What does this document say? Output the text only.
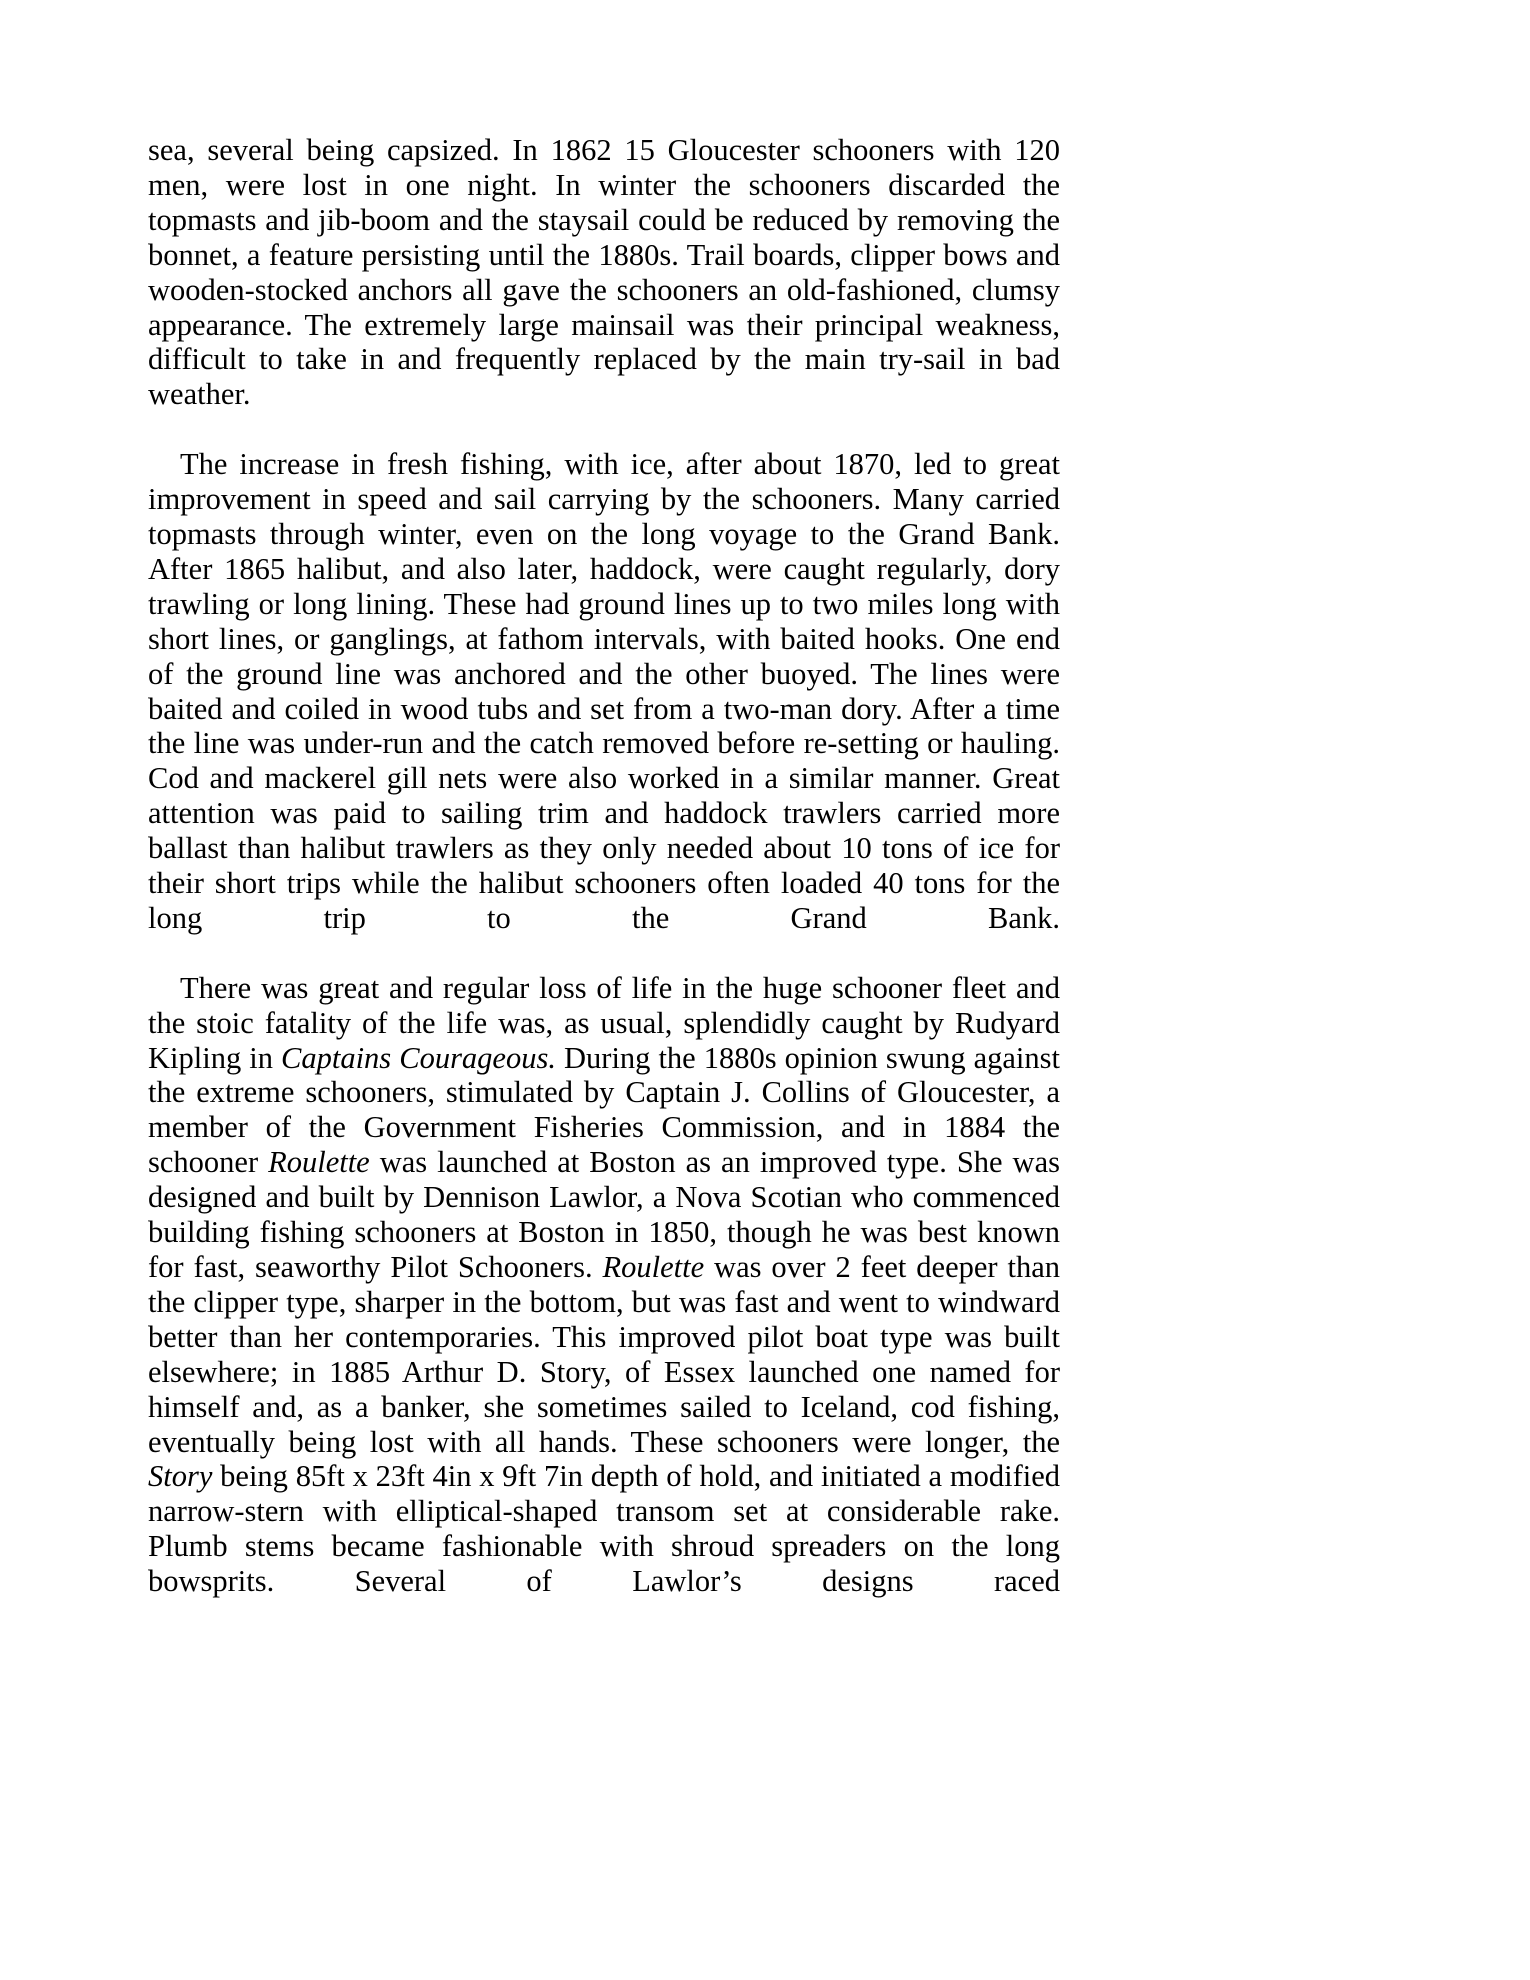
sea, several being capsized. In 1862 15 Gloucester schooners with 120 men, were lost in one night. In winter the schooners discarded the topmasts and jib-boom and the staysail could be reduced by removing the bonnet, a feature persisting until the 1880s. Trail boards, clipper bows and wooden-stocked anchors all gave the schooners an old-fashioned, clumsy appearance. The extremely large mainsail was their principal weakness, difficult to take in and frequently replaced by the main try-sail in bad weather.

The increase in fresh fishing, with ice, after about 1870, led to great improvement in speed and sail carrying by the schooners. Many carried topmasts through winter, even on the long voyage to the Grand Bank. After 1865 halibut, and also later, haddock, were caught regularly, dory trawling or long lining. These had ground lines up to two miles long with short lines, or ganglings, at fathom intervals, with baited hooks. One end of the ground line was anchored and the other buoyed. The lines were baited and coiled in wood tubs and set from a two-man dory. After a time the line was under-run and the catch removed before re-setting or hauling. Cod and mackerel gill nets were also worked in a similar manner. Great attention was paid to sailing trim and haddock trawlers carried more ballast than halibut trawlers as they only needed about 10 tons of ice for their short trips while the halibut schooners often loaded 40 tons for the long trip to the Grand Bank.

There was great and regular loss of life in the huge schooner fleet and the stoic fatality of the life was, as usual, splendidly caught by Rudyard Kipling in Captains Courageous. During the 1880s opinion swung against the extreme schooners, stimulated by Captain J. Collins of Gloucester, a member of the Government Fisheries Commission, and in 1884 the schooner Roulette was launched at Boston as an improved type. She was designed and built by Dennison Lawlor, a Nova Scotian who commenced building fishing schooners at Boston in 1850, though he was best known for fast, seaworthy Pilot Schooners. Roulette was over 2 feet deeper than the clipper type, sharper in the bottom, but was fast and went to windward better than her contemporaries. This improved pilot boat type was built elsewhere; in 1885 Arthur D. Story, of Essex launched one named for himself and, as a banker, she sometimes sailed to Iceland, cod fishing, eventually being lost with all hands. These schooners were longer, the Story being 85ft x 23ft 4in x 9ft 7in depth of hold, and initiated a modified narrow-stern with elliptical-shaped transom set at considerable rake. Plumb stems became fashionable with shroud spreaders on the long bowsprits. Several of Lawlor’s designs raced
